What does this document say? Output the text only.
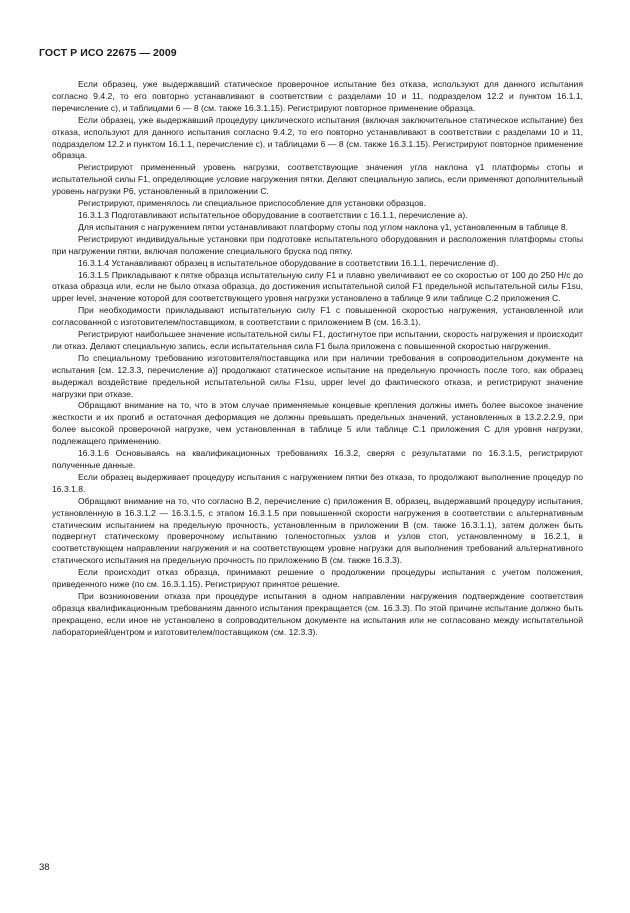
ГОСТ Р ИСО 22675 — 2009

Если образец, уже выдержавший статическое проверочное испытание без отказа, используют для данного испытания согласно 9.4.2, то его повторно устанавливают в соответствии с разделами 10 и 11, подразделом 12.2 и пунктом 16.1.1, перечисление с), и таблицами 6 — 8 (см. также 16.3.1.15). Регистрируют повторное применение образца.

Если образец, уже выдержавший процедуру циклического испытания (включая заключительное статическое испытание) без отказа, используют для данного испытания согласно 9.4.2, то его повторно устанавливают в соответствии с разделами 10 и 11, подразделом 12.2 и пунктом 16.1.1, перечисление с), и таблицами 6 — 8 (см. также 16.3.1.15). Регистрируют повторное применение образца.

Регистрируют примененный уровень нагрузки, соответствующие значения угла наклона γ1 платформы стопы и испытательной силы F1, определяющие условие нагружения пятки. Делают специальную запись, если применяют дополнительный уровень нагрузки Р6, установленный в приложении С.

Регистрируют, применялось ли специальное приспособление для установки образцов.

16.3.1.3 Подготавливают испытательное оборудование в соответствии с 16.1.1, перечисление а).

Для испытания с нагружением пятки устанавливают платформу стопы под углом наклона γ1, установленным в таблице 8.

Регистрируют индивидуальные установки при подготовке испытательного оборудования и расположения платформы стопы при нагружении пятки, включая положение специального бруска под пятку.

16.3.1.4 Устанавливают образец в испытательное оборудование в соответствии 16.1.1, перечисление d).

16.3.1.5 Прикладывают к пятке образца испытательную силу F1 и плавно увеличивают ее со скоростью от 100 до 250 Н/с до отказа образца или, если не было отказа образца, до достижения испытательной силой F1 предельной испытательной силы F1su, upper level, значение которой для соответствующего уровня нагрузки установлено в таблице 9 или таблице С.2 приложения С.

При необходимости прикладывают испытательную силу F1 с повышенной скоростью нагружения, установленной или согласованной с изготовителем/поставщиком, в соответствии с приложением В (см. 16.3.1).

Регистрируют наибольшее значение испытательной силы F1, достигнутое при испытании, скорость нагружения и происходит ли отказ. Делают специальную запись, если испытательная сила F1 была приложена с повышенной скоростью нагружения.

По специальному требованию изготовителя/поставщика или при наличии требования в сопроводительном документе на испытания [см. 12.3.3, перечисление а)] продолжают статическое испытание на предельную прочность после того, как образец выдержал воздействие предельной испытательной силы F1su, upper level до фактического отказа, и регистрируют значение нагрузки при отказе.

Обращают внимание на то, что в этом случае применяемые концевые крепления должны иметь более высокое значение жесткости и их прогиб и остаточная деформация не должны превышать предельных значений, установленных в 13.2.2.2.9, при более высокой проверочной нагрузке, чем установленная в таблице 5 или таблице С.1 приложения С для уровня нагрузки, подлежащего применению.

16.3.1.6 Основываясь на квалификационных требованиях 16.3.2, сверяя с результатами по 16.3.1.5, регистрируют полученные данные.

Если образец выдерживает процедуру испытания с нагружением пятки без отказа, то продолжают выполнение процедур по 16.3.1.8.

Обращают внимание на то, что согласно В.2, перечисление с) приложения В, образец, выдержавший процедуру испытания, установленную в 16.3.1.2 — 16.3.1.5, с этапом 16.3.1.5 при повышенной скорости нагружения в соответствии с альтернативным статическим испытанием на предельную прочность, установленным в приложении В (см. также 16.3.1.1), затем должен быть подвергнут статическому проверочному испытанию голеностопных узлов и узлов стоп, установленному в 16.2.1, в соответствующем направлении нагружения и на соответствующем уровне нагрузки для выполнения требований альтернативного статического испытания на предельную прочность по приложению В (см. также 16.3.3).

Если происходит отказ образца, принимают решение о продолжении процедуры испытания с учетом положения, приведенного ниже (по см. 16.3.1.15). Регистрируют принятое решение.

При возникновении отказа при процедуре испытания в одном направлении нагружения подтверждение соответствия образца квалификационным требованиям данного испытания прекращается (см. 16.3.3). По этой причине испытание должно быть прекращено, если иное не установлено в сопроводительном документе на испытания или не согласовано между испытательной лабораторией/центром и изготовителем/поставщиком (см. 12.3.3).

38
